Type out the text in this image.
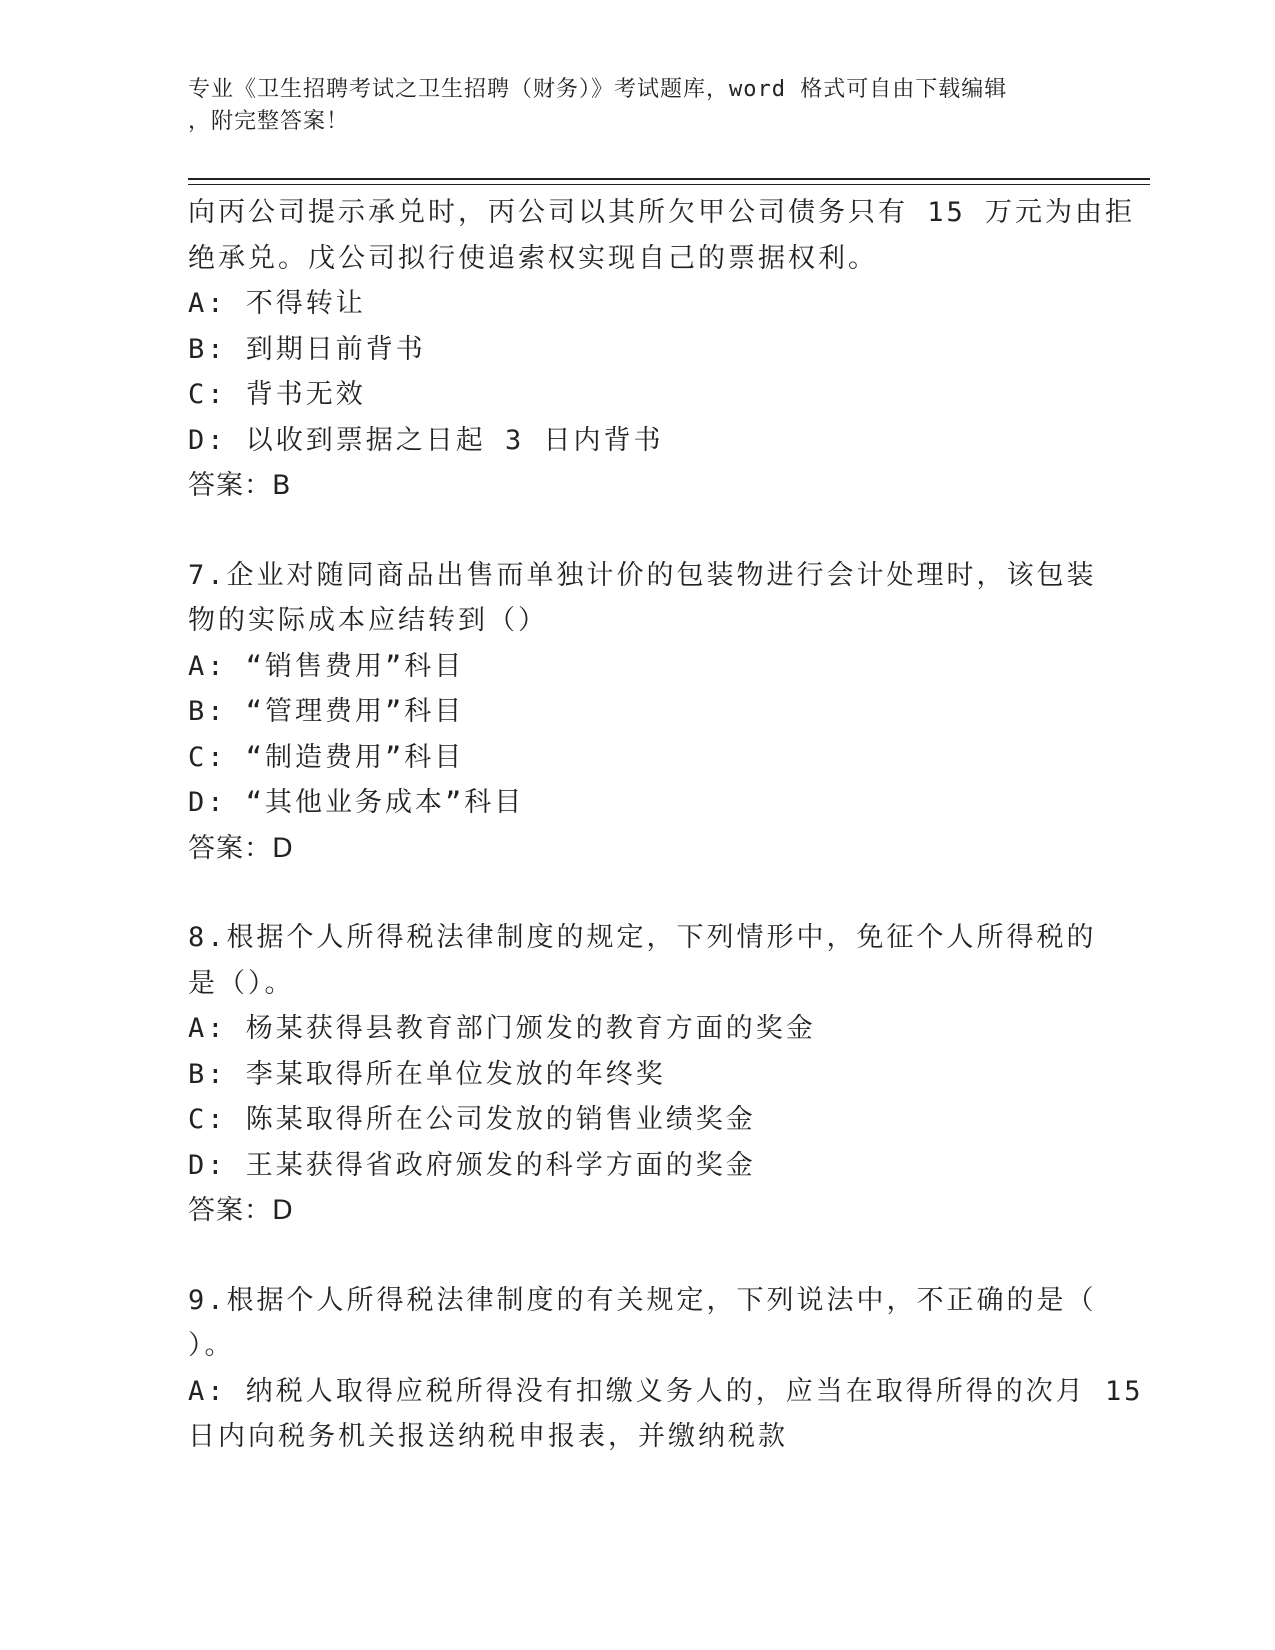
专业《卫生招聘考试之卫生招聘（财务）》考试题库，word 格式可自由下载编辑
，附完整答案！
向丙公司提示承兑时，丙公司以其所欠甲公司债务只有 15 万元为由拒
绝承兑。戊公司拟行使追索权实现自己的票据权利。
A: 不得转让
B: 到期日前背书
C: 背书无效
D: 以收到票据之日起 3 日内背书
答案：B
7.企业对随同商品出售而单独计价的包装物进行会计处理时，该包装
物的实际成本应结转到（）
A: “销售费用”科目
B: “管理费用”科目
C: “制造费用”科目
D: “其他业务成本”科目
答案：D
8.根据个人所得税法律制度的规定，下列情形中，免征个人所得税的
是（）。
A: 杨某获得县教育部门颁发的教育方面的奖金
B: 李某取得所在单位发放的年终奖
C: 陈某取得所在公司发放的销售业绩奖金
D: 王某获得省政府颁发的科学方面的奖金
答案：D
9.根据个人所得税法律制度的有关规定，下列说法中，不正确的是（
）。
A: 纳税人取得应税所得没有扣缴义务人的，应当在取得所得的次月 15
日内向税务机关报送纳税申报表，并缴纳税款
